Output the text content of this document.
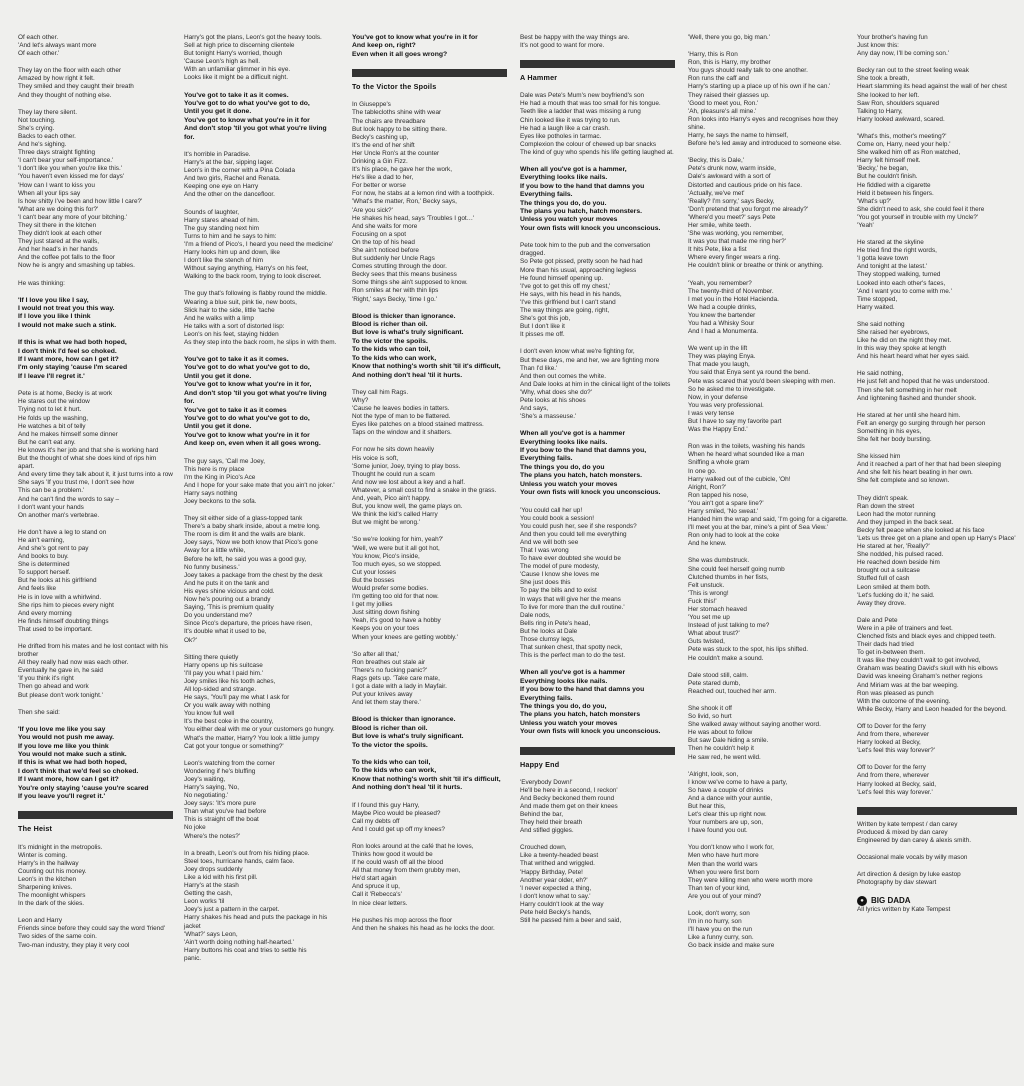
Of each other.
'And let's always want more
Of each other.'
They lay on the floor with each other
Amazed by how right it felt.
They smiled and they caught their breath
And they thought of nothing else.
They lay there silent.
Not touching.
She's crying.
Backs to each other.
And he's sighing.
Three days straight fighting
'I can't bear your self-importance.'
'I don't like you when you're like this.'
'You haven't even kissed me for days'
'How can I want to kiss you
When all your lips say
Is how shitty I've been and how little I care?'
'What are we doing this for?'
'I can't bear any more of your bitching.'
They sit there in the kitchen
They didn't look at each other
They just stared at the walls,
And her head's in her hands
And the coffee pot falls to the floor
Now he is angry and smashing up tables.
He was thinking:
'If I love you like I say,
I would not treat you this way.
If I love you like I think
I would not make such a stink.
If this is what we had both hoped,
I don't think I'd feel so choked.
If I want more, how can I get it?
I'm only staying 'cause I'm scared
If I leave I'll regret it.'
Pete is at home, Becky is at work
He stares out the window
Trying not to let it hurt.
He folds up the washing,
He watches a bit of telly
And he makes himself some dinner
But he can't eat any.
He knows it's her job and that she is working hard
But the thought of what she does kind of rips him apart.
And every time they talk about it, it just turns into a row
She says 'If you trust me, I don't see how
This can be a problem.'
And he can't find the words to say –
I don't want your hands
On another man's vertebrae.
He don't have a leg to stand on
He ain't earning,
And she's got rent to pay
And books to buy.
She is determined
To support herself.
But he looks at his girlfriend
And feels like
He is in love with a whirlwind.
She rips him to pieces every night
And every morning
He finds himself doubting things
That used to be important.
He drifted from his mates and he lost contact with his brother
All they really had now was each other.
Eventually he gave in, he said
'If you think it's right
Then go ahead and work
But please don't work tonight.'
Then she said:
'If you love me like you say
You would not push me away.
If you love me like you think
You would not make such a stink.
If this is what we had both hoped,
I don't think that we'd feel so choked.
If I want more, how can I get it?
You're only staying 'cause you're scared
If you leave you'll regret it.'
The Heist
It's midnight in the metropolis.
Winter is coming.
Harry's in the hallway
Counting out his money.
Leon's in the kitchen
Sharpening knives.
The moonlight whispers
In the dark of the skies.
Leon and Harry
Friends since before they could say the word 'friend'
Two sides of the same coin.
Two-man industry, they play it very cool
Harry's got the plans, Leon's got the heavy tools.
Sell at high price to discerning clientele
But tonight Harry's worried, though
'Cause Leon's high as hell.
With an unfamiliar glimmer in his eye.
Looks like it might be a difficult night.
You've got to take it as it comes.
You've got to do what you've got to do,
Until you get it done.
You've got to know what you're in it for
And don't stop 'til you got what you're living for.
It's horrible in Paradise.
Harry's at the bar, sipping lager.
Leon's in the corner with a Pina Colada
And two girls, Rachel and Renata.
Keeping one eye on Harry
And the other on the dancefloor.
Sounds of laughter,
Harry stares ahead of him.
The guy standing next him
Turns to him and he says to him:
'I'm a friend of Pico's, I heard you need the medicine'
Harry looks him up and down, like
I don't like the stench of him
Without saying anything, Harry's on his feet,
Walking to the back room, trying to look discreet.
The guy that's following is flabby round the middle.
Wearing a blue suit, pink tie, new boots,
Slick hair to the side, little 'tache
And he walks with a limp
He talks with a sort of distorted lisp:
Leon's on his feet, staying hidden
As they step into the back room, he slips in with them.
You've got to take it as it comes.
You've got to do what you've got to do,
Until you get it done.
You've got to know what you're in it for,
And don't stop 'til you got what you're living for.
You've got to take it as it comes
You've got to do what you've got to do,
Until you get it done.
You've got to know what you're in it for
And keep on, even when it all goes wrong.
The guy says, 'Call me Joey,
This here is my place
I'm the King in Pico's Ace
And I hope for your sake mate that you ain't no joker.'
Harry says nothing
Joey beckons to the sofa.
They sit either side of a glass-topped tank
There's a baby shark inside, about a metre long.
The room is dim lit and the walls are blank.
Joey says, 'Now we both know that Pico's gone
Away for a little while,
Before he left, he said you was a good guy,
No funny business.'
Joey takes a package from the chest by the desk
And he puts it on the tank and
His eyes shine vicious and cold.
Now he's pouring out a brandy
Saying, 'This is premium quality
Do you understand me?
Since Pico's departure, the prices have risen,
It's double what it used to be,
Ok?'
Sitting there quietly
Harry opens up his suitcase
'I'll pay you what I paid him.'
Joey smiles like his tooth aches,
All lop-sided and strange.
He says, 'You'll pay me what I ask for
Or you walk away with nothing
You know full well
It's the best coke in the country,
You either deal with me or your customers go hungry.
What's the matter, Harry? You look a little jumpy
Cat got your tongue or something?'
Leon's watching from the corner
Wondering if he's bluffing
Joey's waiting,
Harry's saying, 'No,
No negotiating.'
Joey says: 'It's more pure
Than what you've had before
This is straight off the boat
No joke
Where's the notes?'
In a breath, Leon's out from his hiding place.
Steel toes, hurricane hands, calm face.
Joey drops suddenly
Like a kid with his first pill.
Harry's at the stash
Getting the cash,
Leon works 'til
Joey's just a pattern in the carpet.
Harry shakes his head and puts the package in his jacket
'What?' says Leon,
'Ain't worth doing nothing half-hearted.'
Harry buttons his coat and tries to settle his
panic.
You've got to know what you're in it for
And keep on, right?
Even when it all goes wrong?
To the Victor the Spoils
In Giuseppe's
The tablecloths shine with wear
The chairs are threadbare
But look happy to be sitting there.
Becky's cashing up,
It's the end of her shift
Her Uncle Ron's at the counter
Drinking a Gin Fizz.
It's his place, he gave her the work,
He's like a dad to her,
For better or worse
For now, he stabs at a lemon rind with a toothpick.
'What's the matter, Ron,' Becky says,
'Are you sick?'
He shakes his head, says 'Troubles I got…'
And she waits for more
Focusing on a spot
On the top of his head
She ain't noticed before
But suddenly her Uncle Rags
Comes strutting through the door.
Becky sees that this means business
Some things she ain't supposed to know.
Ron smiles at her with thin lips
'Right,' says Becky, 'time I go.'
Blood is thicker than ignorance.
Blood is richer than oil.
But love is what's truly significant.
To the victor the spoils.
To the kids who can toil,
To the kids who can work,
Know that nothing's worth shit 'til it's difficult,
And nothing don't heal 'til it hurts.
They call him Rags.
Why?
'Cause he leaves bodies in tatters.
Not the type of man to be flattered.
Eyes like patches on a blood stained mattress.
Taps on the window and it shatters.
For now he sits down heavily
His voice is soft,
'Some junior, Joey, trying to play boss.
Thought he could run a scam
And now we lost about a key and a half.
Whatever, a small cost to find a snake in the grass.
And, yeah, Pico ain't happy.
But, you know well, the game plays on.
We think the kid's called Harry
But we might be wrong.'
'So we're looking for him, yeah?'
'Well, we were but it all got hot,
You know, Pico's inside,
Too much eyes, so we stopped.
Cut your losses
But the bosses
Would prefer some bodies.
I'm getting too old for that now.
I get my jollies
Just sitting down fishing
Yeah, it's good to have a hobby
Keeps you on your toes
When your knees are getting wobbly.'
'So after all that,'
Ron breathes out stale air
'There's no fucking panic?'
Rags gets up. 'Take care mate,
I got a date with a lady in Mayfair.
Put your knives away
And let them stay there.'
Blood is thicker than ignorance.
Blood is richer than oil.
But love is what's truly significant.
To the victor the spoils.
To the kids who can toil,
To the kids who can work,
Know that nothing's worth shit 'til it's difficult,
And nothing don't heal 'til it hurts.
If I found this guy Harry,
Maybe Pico would be pleased?
Call my debts off
And I could get up off my knees?
Ron looks around at the café that he loves,
Thinks how good it would be
If he could wash off all the blood
All that money from them grubby men,
He'd start again
And spruce it up,
Call it 'Rebecca's'
In nice clear letters.
He pushes his mop across the floor
And then he shakes his head as he locks the door.
Best be happy with the way things are.
It's not good to want for more.
A Hammer
Dale was Pete's Mum's new boyfriend's son
He had a mouth that was too small for his tongue.
Teeth like a ladder that was missing a rung
Chin looked like it was trying to run.
He had a laugh like a car crash.
Eyes like potholes in tarmac.
Complexion the colour of chewed up bar snacks
The kind of guy who spends his life getting laughed at.
When all you've got is a hammer,
Everything looks like nails.
If you bow to the hand that damns you
Everything fails.
The things you do, do you.
The plans you hatch, hatch monsters.
Unless you watch your moves
Your own fists will knock you unconscious.
Pete took him to the pub and the conversation dragged.
So Pete got pissed, pretty soon he had had
More than his usual, approaching legless
He found himself opening up.
'I've got to get this off my chest,'
He says, with his head in his hands,
'I've this girlfriend but I can't stand
The way things are going, right,
She's got this job,
But I don't like it
It pisses me off.
I don't even know what we're fighting for,
But these days, me and her, we are fighting more
Than I'd like.'
And then out comes the white.
And Dale looks at him in the clinical light of the toilets
'Why, what does she do?'
Pete looks at his shoes
And says,
'She's a masseuse.'
When all you've got is a hammer
Everything looks like nails.
If you bow to the hand that damns you,
Everything fails.
The things you do, do you
The plans you hatch, hatch monsters.
Unless you watch your moves
Your own fists will knock you unconscious.
'You could call her up!
You could book a session!
You could push her, see if she responds?
And then you could tell me everything
And we will both see
That I was wrong
To have ever doubted she would be
The model of pure modesty,
'Cause I know she loves me
She just does this
To pay the bills and to exist
In ways that will give her the means
To live for more than the dull routine.'
Dale nods,
Bells ring in Pete's head,
But he looks at Dale
Those clumsy legs,
That sunken chest, that spotty neck,
This is the perfect man to do the test.
When all you've got is a hammer
Everything looks like nails.
If you bow to the hand that damns you
Everything fails.
The things you do, do you,
The plans you hatch, hatch monsters
Unless you watch your moves
Your own fists will knock you unconscious.
Happy End
'Everybody Down!'
He'll be here in a second, I reckon'
And Becky beckoned them round
And made them get on their knees
Behind the bar,
They held their breath
And stifled giggles.
Crouched down,
Like a twenty-headed beast
That writhed and wriggled.
'Happy Birthday, Pete!
Another year older, eh?'
'I never expected a thing,
I don't know what to say.'
Harry couldn't look at the way
Pete held Becky's hands,
Still he passed him a beer and said,
'Well, there you go, big man.'
'Harry, this is Ron
Ron, this is Harry, my brother
You guys should really talk to one another.
Ron runs the caff and
Harry's starting up a place up of his own if he can.'
They raised their glasses up.
'Good to meet you, Ron.'
'Ah, pleasure's all mine.'
Ron looks into Harry's eyes and recognises how they shine.
Harry, he says the name to himself,
Before he's led away and introduced to someone else.
'Becky, this is Dale,'
Pete's drunk now, warm inside,
Dale's awkward with a sort of
Distorted and cautious pride on his face.
'Actually, we've met'
'Really? I'm sorry,' says Becky,
'Don't pretend that you forgot me already?'
'Where'd you meet?' says Pete
Her smile, white teeth.
'She was working, you remember,
It was you that made me ring her?'
It hits Pete, like a fist
Where every finger wears a ring.
He couldn't blink or breathe or think or anything.
'Yeah, you remember?
The twenty-third of November.
I met you in the Hotel Hacienda.
We had a couple drinks,
You knew the bartender
You had a Whisky Sour
And I had a Monumenta.
We went up in the lift
They was playing Enya.
That made you laugh,
You said that Enya sent ya round the bend.
Pete was scared that you'd been sleeping with men.
So he asked me to investigate.
Now, in your defense
You was very professional.
I was very tense
But I have to say my favorite part
Was the Happy End.'
Ron was in the toilets, washing his hands
When he heard what sounded like a man
Sniffing a whole gram
In one go.
Harry walked out of the cubicle, 'Oh!
Alright, Ron?'
Ron tapped his nose,
'You ain't got a spare line?'
Harry smiled, 'No sweat.'
Handed him the wrap and said, 'I'm going for a cigarette.
I'll meet you at the bar, mine's a pint of Sea View.'
Ron only had to look at the coke
And he knew.
She was dumbstruck.
She could feel herself going numb
Clutched thumbs in her fists,
Felt unstuck.
'This is wrong!
Fuck this!'
Her stomach heaved
'You set me up
Instead of just talking to me?
What about trust?'
Guts twisted,
Pete was stuck to the spot, his lips shifted.
He couldn't make a sound.
Dale stood still, calm.
Pete stared dumb,
Reached out, touched her arm.
She shook it off
So livid, so hurt
She walked away without saying another word.
He was about to follow
But saw Dale hiding a smile.
Then he couldn't help it
He saw red, he went wild.
'Alright, look, son,
I know we've come to have a party,
So have a couple of drinks
And a dance with your auntie,
But hear this,
Let's clear this up right now.
Your numbers are up, son,
I have found you out.
You don't know who I work for,
Men who have hurt more
Men than the world wars
When you were first born
They were killing men who were worth more
Than ten of your kind,
Are you out of your mind?
Look, don't worry, son
I'm in no hurry, son
I'll have you on the run
Like a funny curry, son.
Go back inside and make sure
Your brother's having fun
Just know this:
Any day now, I'll be coming son.'
Becky ran out to the street feeling weak
She took a breath,
Heart slamming its head against the wall of her chest
She looked to her left.
Saw Ron, shoulders squared
Talking to Harry,
Harry looked awkward, scared.
'What's this, mother's meeting?'
Come on, Harry, need your help.'
She walked him off as Ron watched,
Harry felt himself melt.
'Becky,' he began,
But he couldn't finish.
He fiddled with a cigarette
Held it between his fingers.
'What's up?'
She didn't need to ask, she could feel it there
'You got yourself in trouble with my Uncle?'
'Yeah'
He stared at the skyline
He tried find the right words,
'I gotta leave town
And tonight at the latest.'
They stopped walking, turned
Looked into each other's faces,
'And I want you to come with me.'
Time stopped,
Harry waited.
She said nothing
She raised her eyebrows,
Like he did on the night they met.
In this way they spoke at length
And his heart heard what her eyes said.
He said nothing,
He just felt and hoped that he was understood.
Then she felt something in her melt
And lightening flashed and thunder shook.
He stared at her until she heard him.
Felt an energy go surging through her person
Something in his eyes,
She felt her body bursting.
She kissed him
And it reached a part of her that had been sleeping
And she felt his heart beating in her own.
She felt complete and so known.
They didn't speak.
Ran down the street
Leon had the motor running
And they jumped in the back seat.
Becky felt peace when she looked at his face
'Lets us three get on a plane and open up Harry's Place'
He stared at her, 'Really?'
She nodded, his pulsed raced.
He reached down beside him
brought out a suitcase
Stuffed full of cash
Leon smiled at them both.
'Let's fucking do it,' he said.
Away they drove.
Dale and Pete
Were in a pile of trainers and feet.
Clenched fists and black eyes and chipped teeth.
Their dads had tried
To get in-between them.
It was like they couldn't wait to get involved,
Graham was beating David's skull with his elbows
David was kneeing Graham's nether regions
And Miriam was at the bar weeping.
Ron was pleased as punch
With the outcome of the evening.
While Becky, Harry and Leon headed for the beyond.
Off to Dover for the ferry
And from there, wherever
Harry looked at Becky,
'Let's feel this way forever?'
Off to Dover for the ferry
And from there, wherever
Harry looked at Becky, said,
'Let's feel this way forever.'
Written by kate tempest / dan carey
Produced & mixed by dan carey
Engineered by dan carey & alexis smith.
Occasional male vocals by willy mason
Art direction & design by luke eastop
Photography by dav stewart
● BIG DADA
All lyrics written by Kate Tempest
